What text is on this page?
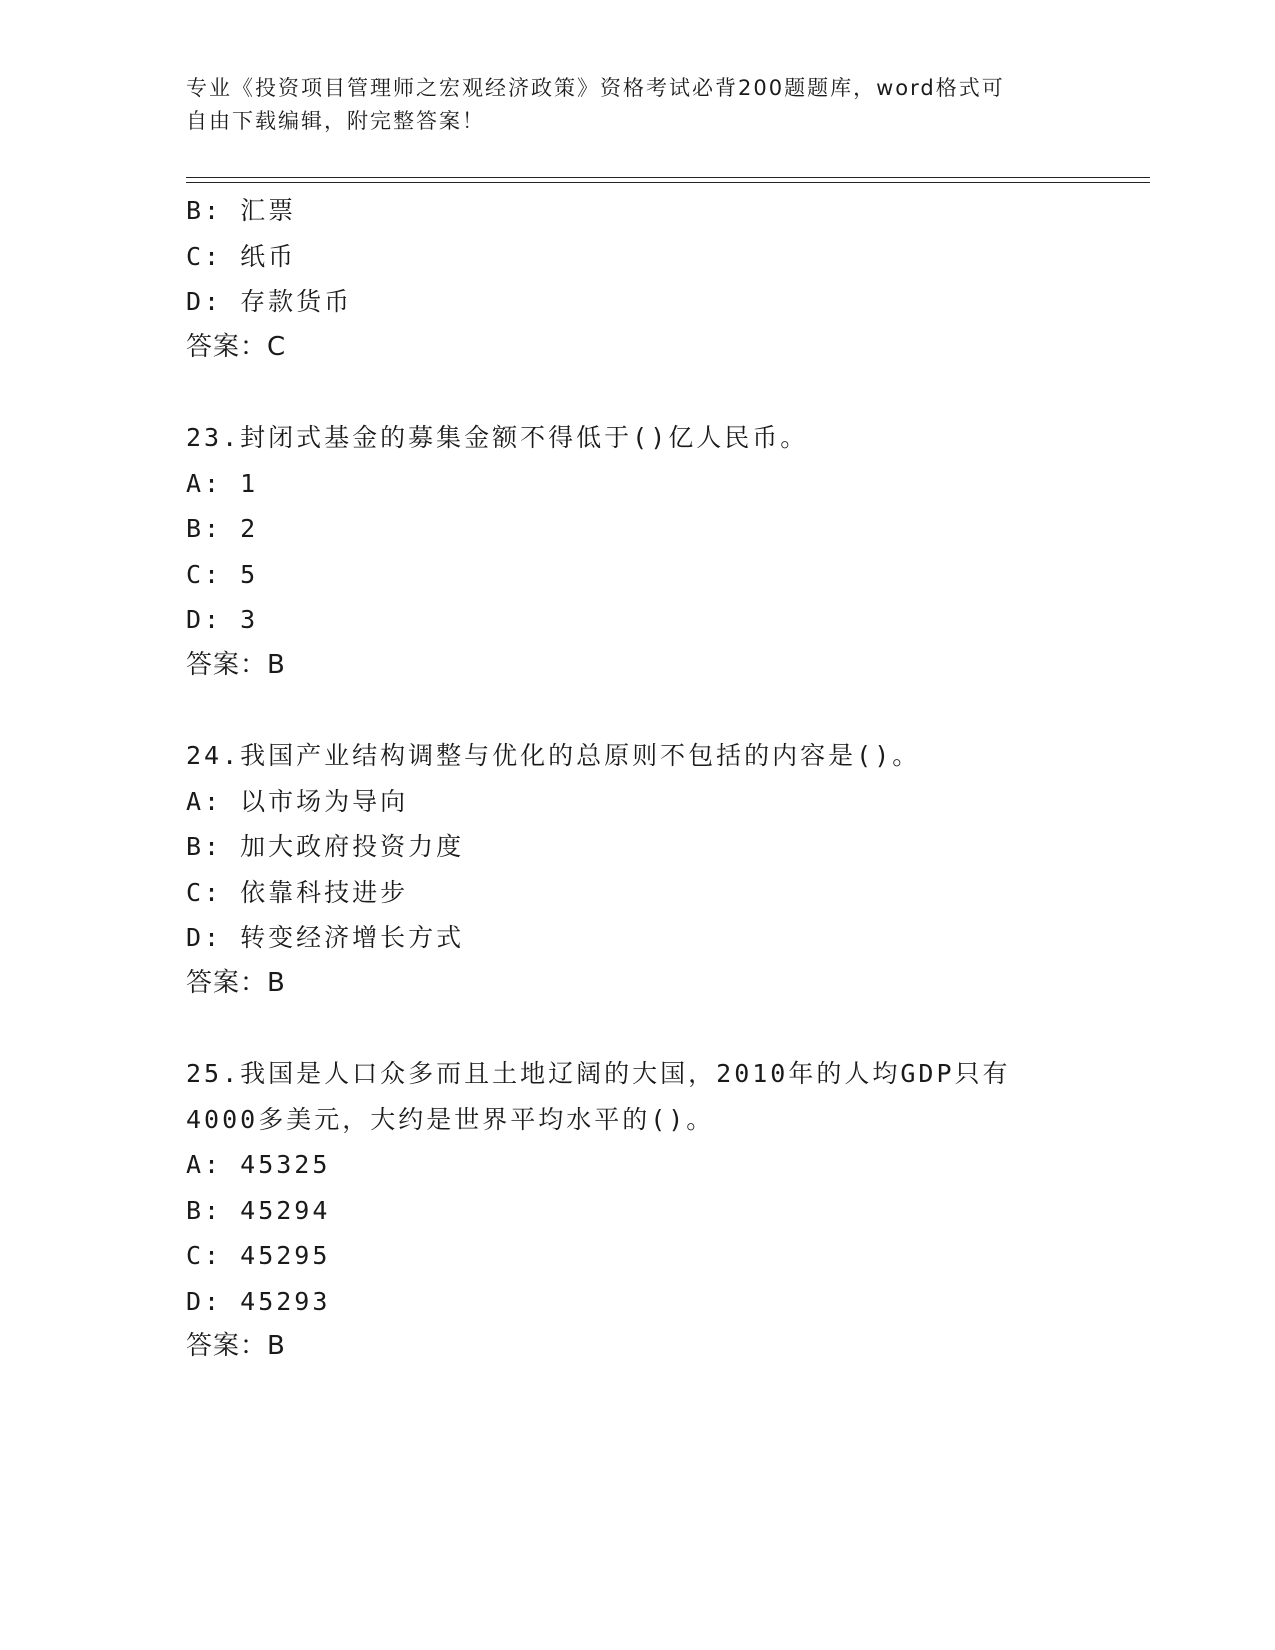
专业《投资项目管理师之宏观经济政策》资格考试必背200题题库，word格式可
自由下载编辑，附完整答案！
B: 汇票
C: 纸币
D: 存款货币
答案：C
23.封闭式基金的募集金额不得低于()亿人民币。
A: 1
B: 2
C: 5
D: 3
答案：B
24.我国产业结构调整与优化的总原则不包括的内容是()。
A: 以市场为导向
B: 加大政府投资力度
C: 依靠科技进步
D: 转变经济增长方式
答案：B
25.我国是人口众多而且土地辽阔的大国，2010年的人均GDP只有
4000多美元，大约是世界平均水平的()。
A: 45325
B: 45294
C: 45295
D: 45293
答案：B
